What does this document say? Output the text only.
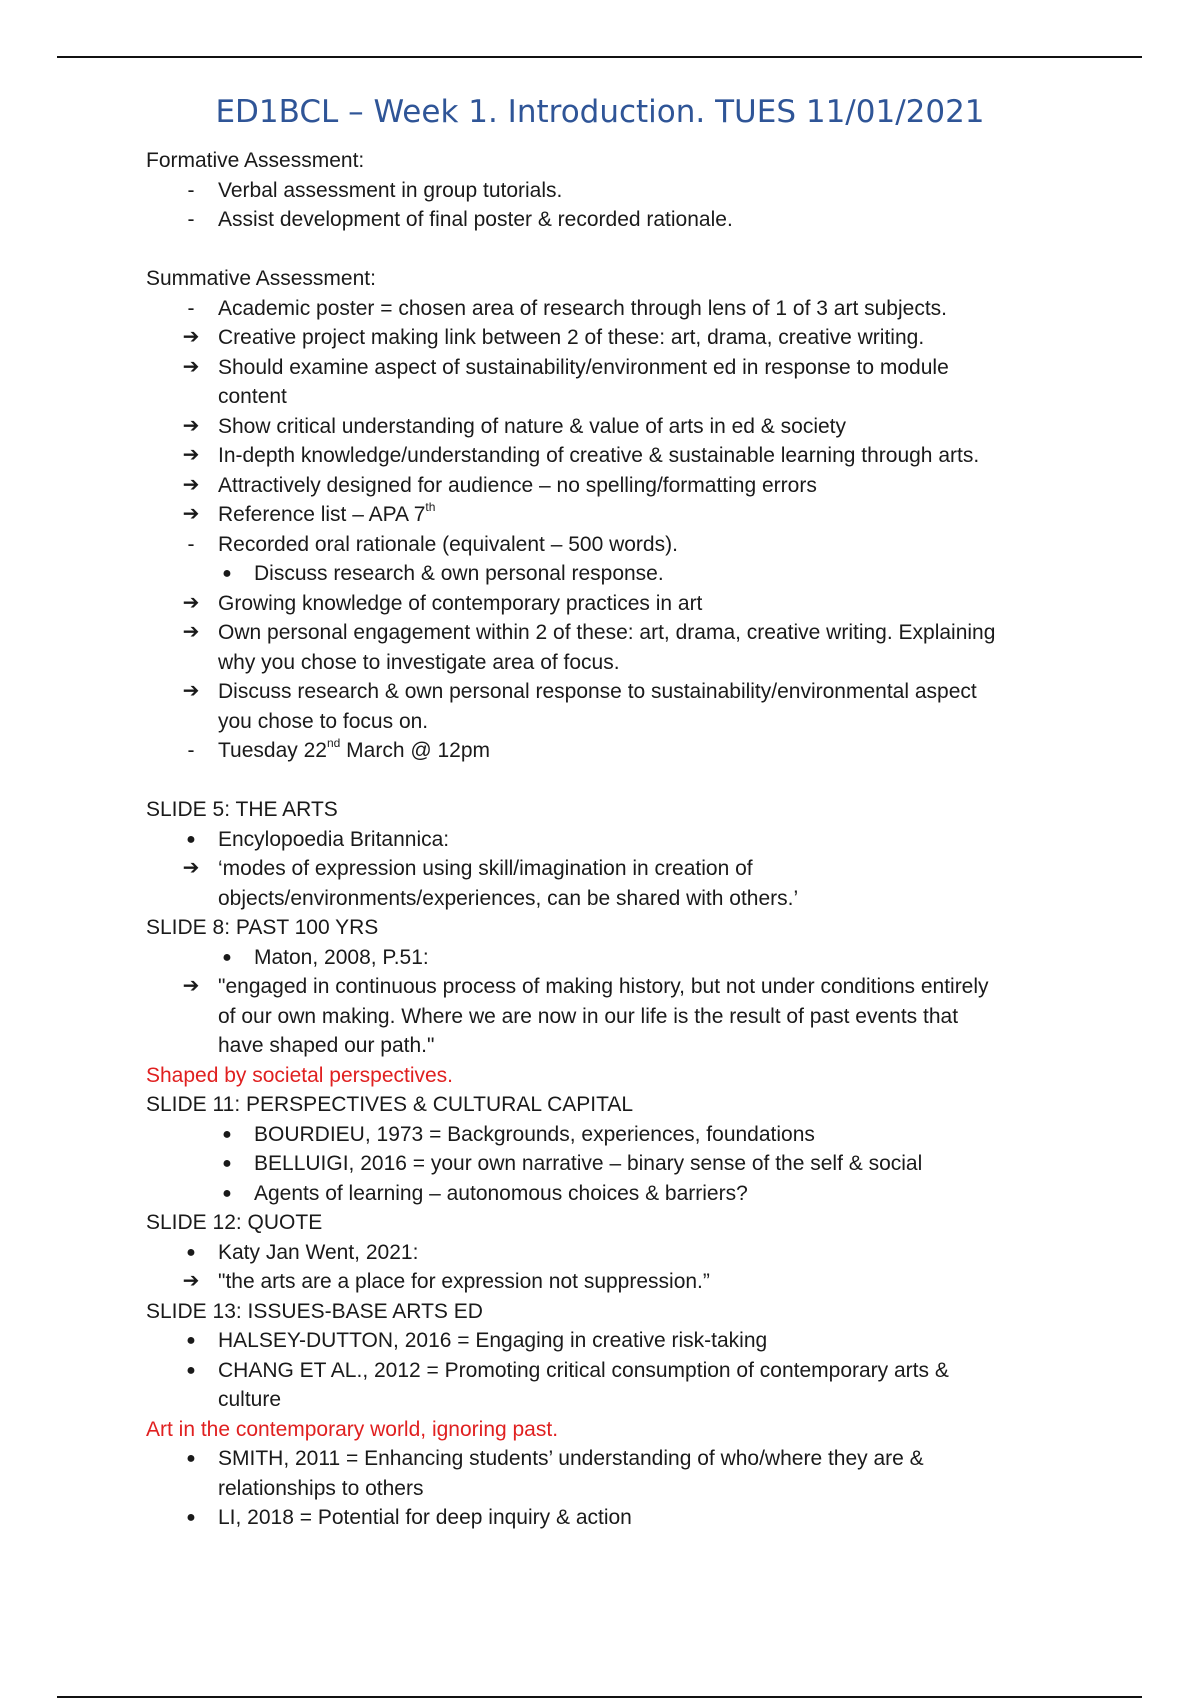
ED1BCL – Week 1. Introduction. TUES 11/01/2021
Formative Assessment:
-	Verbal assessment in group tutorials.
-	Assist development of final poster & recorded rationale.
Summative Assessment:
-	Academic poster = chosen area of research through lens of 1 of 3 art subjects.
➔ Creative project making link between 2 of these: art, drama, creative writing.
➔ Should examine aspect of sustainability/environment ed in response to module
content
➔ Show critical understanding of nature & value of arts in ed & society
➔ In-depth knowledge/understanding of creative & sustainable learning through arts.
➔ Attractively designed for audience – no spelling/formatting errors
➔ Reference list – APA 7th
-	Recorded oral rationale (equivalent – 500 words).
●	Discuss research & own personal response.
➔ Growing knowledge of contemporary practices in art
➔ Own personal engagement within 2 of these: art, drama, creative writing. Explaining
why you chose to investigate area of focus.
➔ Discuss research & own personal response to sustainability/environmental aspect
you chose to focus on.
-	Tuesday 22nd March @ 12pm
SLIDE 5: THE ARTS
●	Encylopoedia Britannica:
➔ ‘modes of expression using skill/imagination in creation of
objects/environments/experiences, can be shared with others.’
SLIDE 8: PAST 100 YRS
●	Maton, 2008, P.51:
➔ "engaged in continuous process of making history, but not under conditions entirely
of our own making. Where we are now in our life is the result of past events that
have shaped our path."
Shaped by societal perspectives.
SLIDE 11: PERSPECTIVES & CULTURAL CAPITAL
●	BOURDIEU, 1973 = Backgrounds, experiences, foundations
●	BELLUIGI, 2016 = your own narrative – binary sense of the self & social
●	Agents of learning – autonomous choices & barriers?
SLIDE 12: QUOTE
●	Katy Jan Went, 2021:
➔ "the arts are a place for expression not suppression.”
SLIDE 13: ISSUES-BASE ARTS ED
●	HALSEY-DUTTON, 2016 = Engaging in creative risk-taking
●	CHANG ET AL., 2012 = Promoting critical consumption of contemporary arts &
culture
Art in the contemporary world, ignoring past.
●	SMITH, 2011 = Enhancing students’ understanding of who/where they are &
relationships to others
●	LI, 2018 = Potential for deep inquiry & action
